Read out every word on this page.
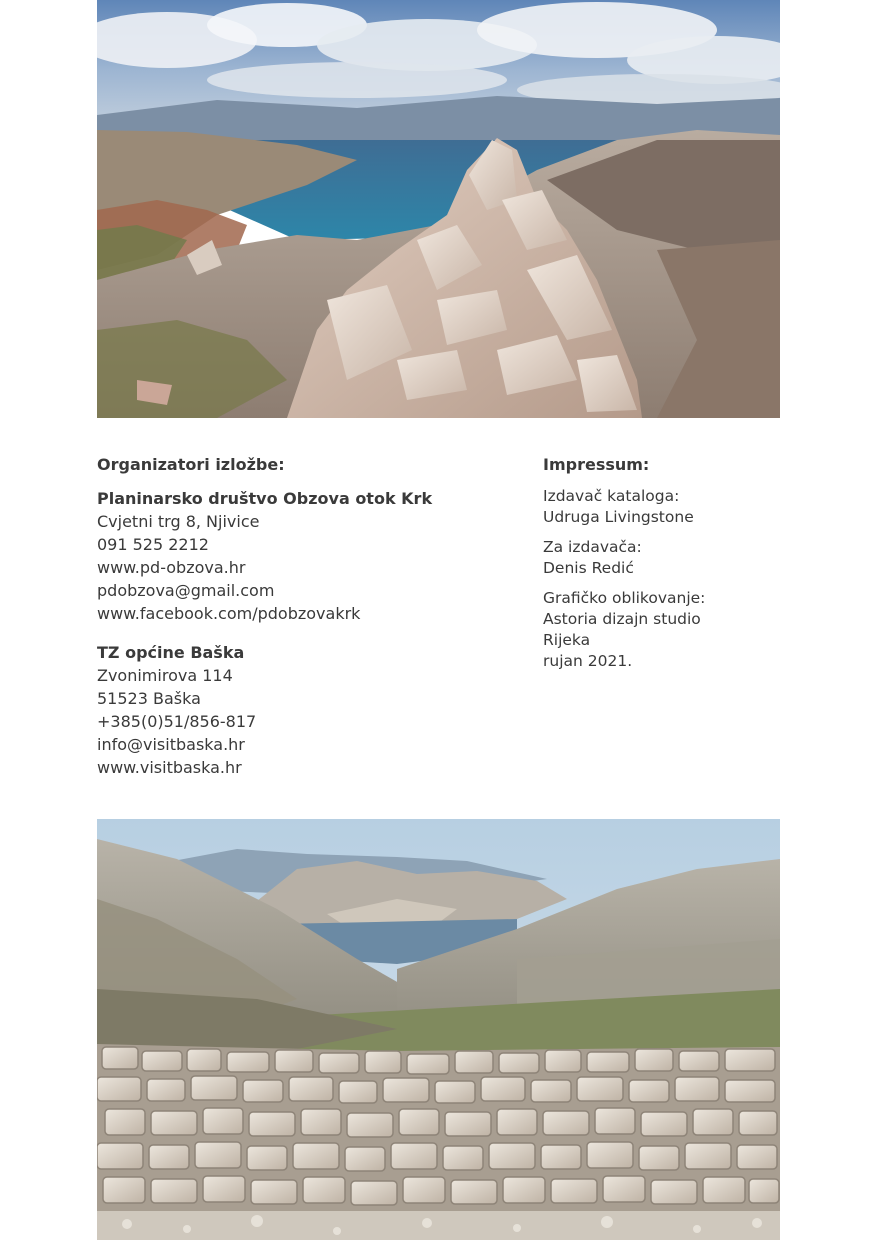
Organizatori izložbe:
Planinarsko društvo Obzova otok Krk
Cvjetni trg 8, Njivice
091 525 2212
www.pd-obzova.hr
pdobzova@gmail.com
www.facebook.com/pdobzovakrk
TZ općine Baška
Zvonimirova 114
51523 Baška
+385(0)51/856-817
info@visitbaska.hr
www.visitbaska.hr
Impressum:
Izdavač kataloga:
Udruga Livingstone
Za izdavača:
Denis Redić
Grafičko oblikovanje:
Astoria dizajn studio
Rijeka
rujan 2021.
